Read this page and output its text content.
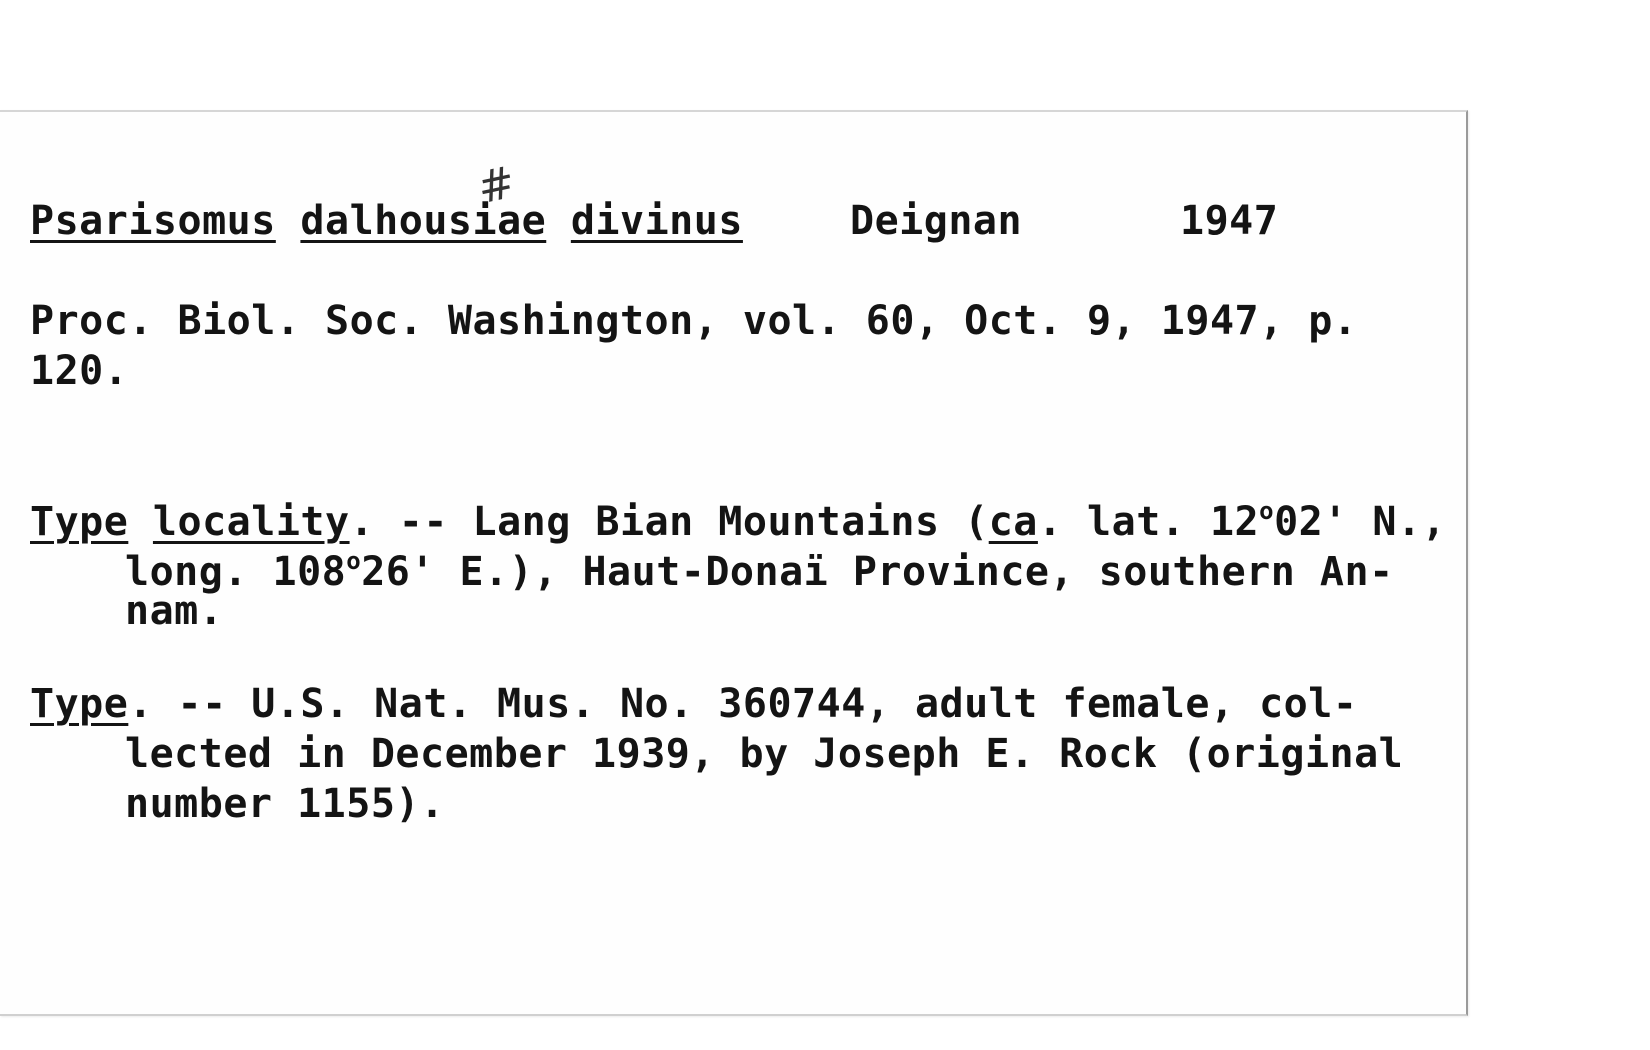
#
Psarisomus dalhousiae divinus	Deignan	1947
Proc. Biol. Soc. Washington, vol. 60, Oct. 9, 1947, p.
120.
Type locality. -- Lang Bian Mountains (ca. lat. 12$^o$02' N.,
long. 108$^o$26' E.), Haut-Donaï Province, southern An-
nam.
Type. -- U.S. Nat. Mus. No. 360744, adult female, col-
lected in December 1939, by Joseph E. Rock (original
number 1155).
